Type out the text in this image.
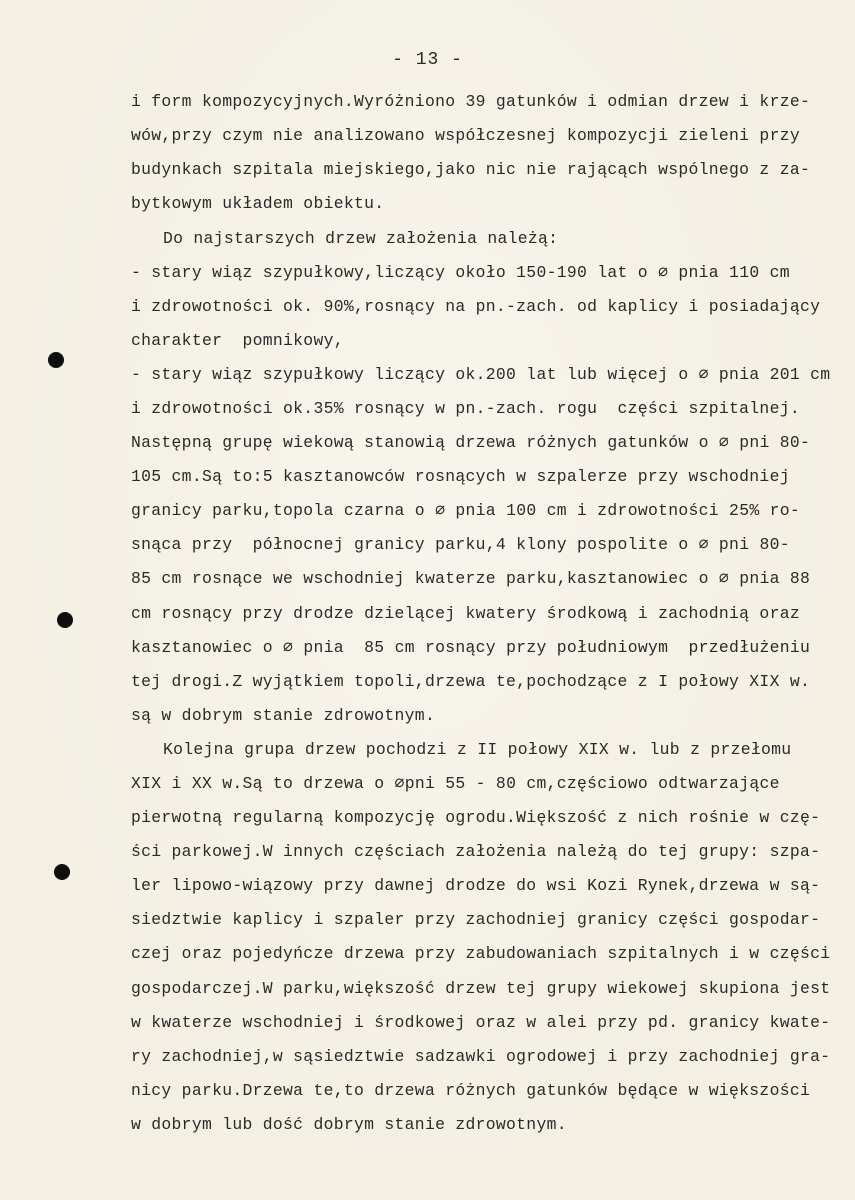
- 13 -
i form kompozycyjnych.Wyróżniono 39 gatunków i odmian drzew i krze-
wów,przy czym nie analizowano współczesnej kompozycji zieleni przy
budynkach szpitala miejskiego,jako nic nie rającąch wspólnego z za-
bytkowym układem obiektu.
Do najstarszych drzew założenia należą:
- stary wiąz szypułkowy,liczący około 150-190 lat o ∅ pnia 110 cm
i zdrowotności ok. 90%,rosnący na pn.-zach. od kaplicy i posiadający
charakter  pomnikowy,
- stary wiąz szypułkowy liczący ok.200 lat lub więcej o ∅ pnia 201 cm
i zdrowotności ok.35% rosnący w pn.-zach. rogu  części szpitalnej.
Następną grupę wiekową stanowią drzewa różnych gatunków o ∅ pni 80-
105 cm.Są to:5 kasztanowców rosnących w szpalerze przy wschodniej
granicy parku,topola czarna o ∅ pnia 100 cm i zdrowotności 25% ro-
snąca przy  północnej granicy parku,4 klony pospolite o ∅ pni 80-
85 cm rosnące we wschodniej kwaterze parku,kasztanowiec o ∅ pnia 88
cm rosnący przy drodze dzielącej kwatery środkową i zachodnią oraz
kasztanowiec o ∅ pnia  85 cm rosnący przy południowym  przedłużeniu
tej drogi.Z wyjątkiem topoli,drzewa te,pochodzące z I połowy XIX w.
są w dobrym stanie zdrowotnym.
Kolejna grupa drzew pochodzi z II połowy XIX w. lub z przełomu
XIX i XX w.Są to drzewa o ∅pni 55 - 80 cm,częściowo odtwarzające
pierwotną regularną kompozycję ogrodu.Większość z nich rośnie w czę-
ści parkowej.W innych częściach założenia należą do tej grupy: szpa-
ler lipowo-wiązowy przy dawnej drodze do wsi Kozi Rynek,drzewa w są-
siedztwie kaplicy i szpaler przy zachodniej granicy części gospodar-
czej oraz pojedyńcze drzewa przy zabudowaniach szpitalnych i w części
gospodarczej.W parku,większość drzew tej grupy wiekowej skupiona jest
w kwaterze wschodniej i środkowej oraz w alei przy pd. granicy kwate-
ry zachodniej,w sąsiedztwie sadzawki ogrodowej i przy zachodniej gra-
nicy parku.Drzewa te,to drzewa różnych gatunków będące w większości
w dobrym lub dość dobrym stanie zdrowotnym.
